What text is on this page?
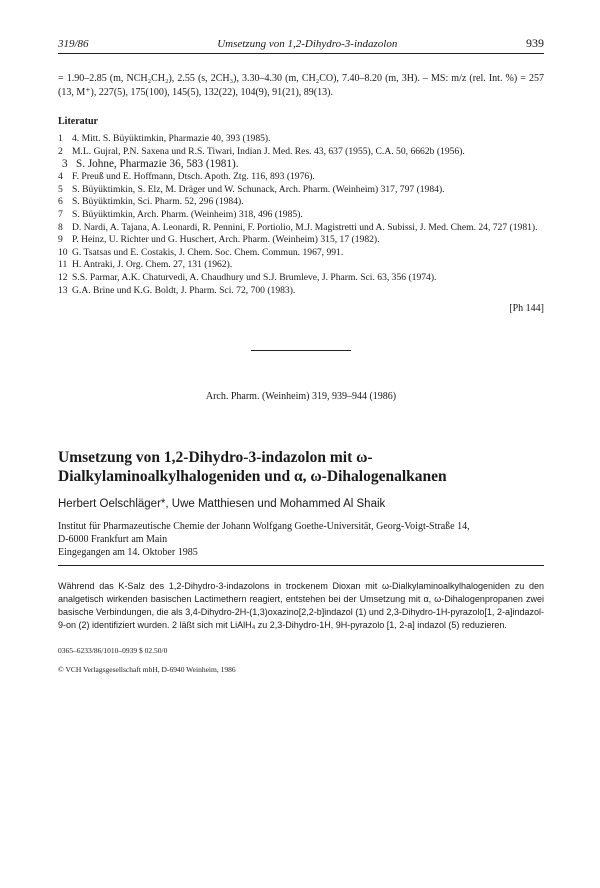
319/86	Umsetzung von 1,2-Dihydro-3-indazolon	939
= 1.90–2.85 (m, NCH₂CH₂), 2.55 (s, 2CH₃), 3.30–4.30 (m, CH₂CO), 7.40–8.20 (m, 3H). – MS: m/z (rel. Int. %) = 257 (13, M⁺), 227(5), 175(100), 145(5), 132(22), 104(9), 91(21), 89(13).
Literatur
1 4. Mitt. S. Büyüktimkin, Pharmazie 40, 393 (1985).
2 M.L. Gujral, P.N. Saxena und R.S. Tiwari, Indian J. Med. Res. 43, 637 (1955), C.A. 50, 6662b (1956).
3 S. Johne, Pharmazie 36, 583 (1981).
4 F. Preuß und E. Hoffmann, Dtsch. Apoth. Ztg. 116, 893 (1976).
5 S. Büyüktimkin, S. Elz, M. Dräger und W. Schunack, Arch. Pharm. (Weinheim) 317, 797 (1984).
6 S. Büyüktimkin, Sci. Pharm. 52, 296 (1984).
7 S. Büyüktimkin, Arch. Pharm. (Weinheim) 318, 496 (1985).
8 D. Nardi, A. Tajana, A. Leonardi, R. Pennini, F. Portiolio, M.J. Magistretti und A. Subissi, J. Med. Chem. 24, 727 (1981).
9 P. Heinz, U. Richter und G. Huschert, Arch. Pharm. (Weinheim) 315, 17 (1982).
10 G. Tsatsas und E. Costakis, J. Chem. Soc. Chem. Commun. 1967, 991.
11 H. Antraki, J. Org. Chem. 27, 131 (1962).
12 S.S. Parmar, A.K. Chaturvedi, A. Chaudhury und S.J. Brumleve, J. Pharm. Sci. 63, 356 (1974).
13 G.A. Brine und K.G. Boldt, J. Pharm. Sci. 72, 700 (1983).
[Ph 144]
Arch. Pharm. (Weinheim) 319, 939–944 (1986)
Umsetzung von 1,2-Dihydro-3-indazolon mit ω-Dialkylaminoalkylhalogeniden und α, ω-Dihalogenalkanen
Herbert Oelschläger*, Uwe Matthiesen und Mohammed Al Shaik
Institut für Pharmazeutische Chemie der Johann Wolfgang Goethe-Universität, Georg-Voigt-Straße 14,
D-6000 Frankfurt am Main
Eingegangen am 14. Oktober 1985
Während das K-Salz des 1,2-Dihydro-3-indazolons in trockenem Dioxan mit ω-Dialkylaminoalkylhalogeniden zu den analgetisch wirkenden basischen Lactimethern reagiert, entstehen bei der Umsetzung mit α, ω-Dihalogenpropanen zwei basische Verbindungen, die als 3,4-Dihydro-2H-(1,3)oxazino[2,2-b]indazol (1) und 2,3-Dihydro-1H-pyrazolo[1, 2-a]indazol-9-on (2) identifiziert wurden. 2 läßt sich mit LiAlH₄ zu 2,3-Dihydro-1H, 9H-pyrazolo [1, 2-a] indazol (5) reduzieren.
0365–6233/86/1010–0939 $ 02.50/0
© VCH Verlagsgesellschaft mbH, D-6940 Weinheim, 1986
